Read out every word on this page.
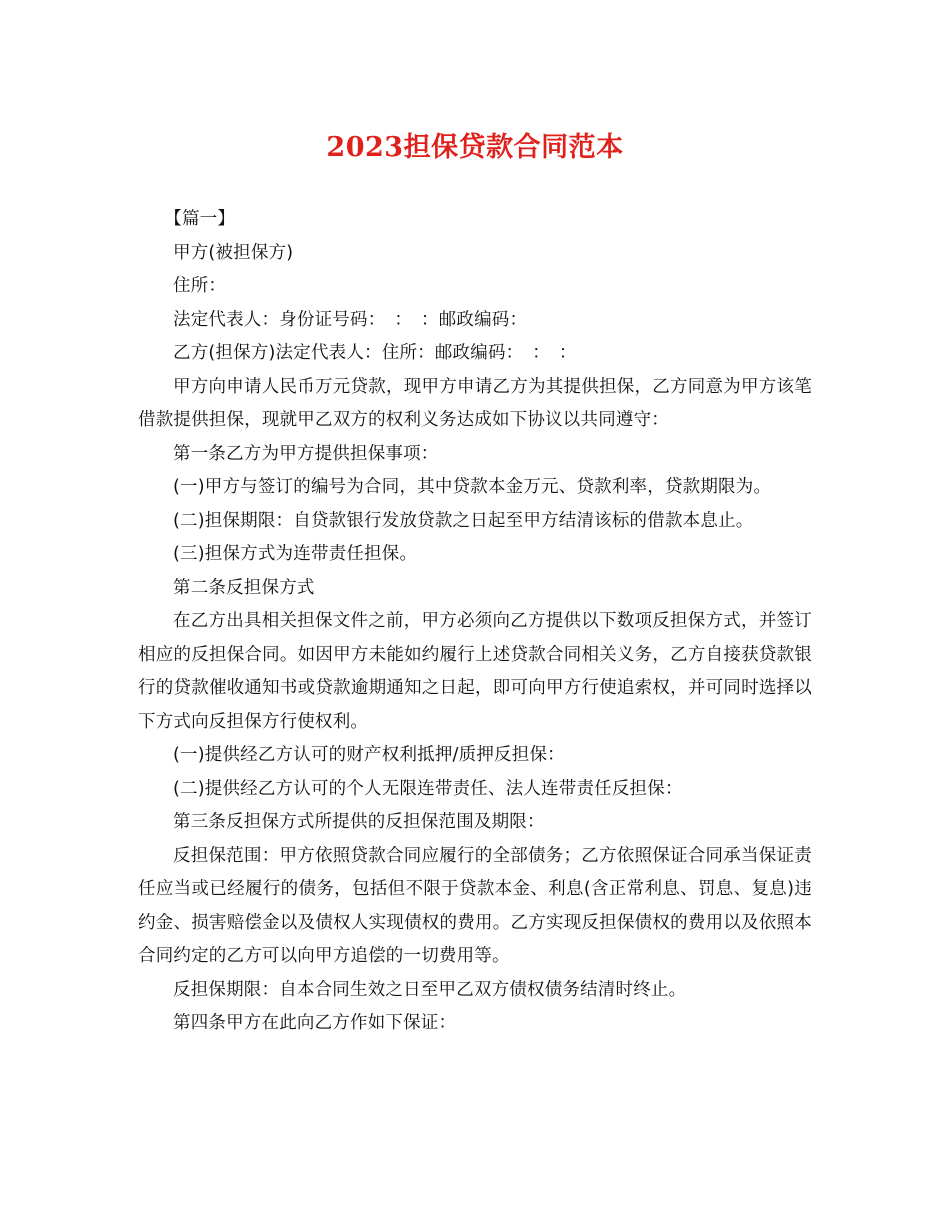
2023担保贷款合同范本

【篇一】

甲方(被担保方)

住所：

法定代表人：身份证号码：　：　：邮政编码：

乙方(担保方)法定代表人：住所：邮政编码：　：　：

甲方向申请人民币万元贷款，现甲方申请乙方为其提供担保，乙方同意为甲方该笔借款提供担保，现就甲乙双方的权利义务达成如下协议以共同遵守：

第一条乙方为甲方提供担保事项：

(一)甲方与签订的编号为合同，其中贷款本金万元、贷款利率，贷款期限为。

(二)担保期限：自贷款银行发放贷款之日起至甲方结清该标的借款本息止。

(三)担保方式为连带责任担保。

第二条反担保方式

在乙方出具相关担保文件之前，甲方必须向乙方提供以下数项反担保方式，并签订相应的反担保合同。如因甲方未能如约履行上述贷款合同相关义务，乙方自接获贷款银行的贷款催收通知书或贷款逾期通知之日起，即可向甲方行使追索权，并可同时选择以下方式向反担保方行使权利。

(一)提供经乙方认可的财产权利抵押/质押反担保：

(二)提供经乙方认可的个人无限连带责任、法人连带责任反担保：

第三条反担保方式所提供的反担保范围及期限：

反担保范围：甲方依照贷款合同应履行的全部债务；乙方依照保证合同承当保证责任应当或已经履行的债务，包括但不限于贷款本金、利息(含正常利息、罚息、复息)违约金、损害赔偿金以及债权人实现债权的费用。乙方实现反担保债权的费用以及依照本合同约定的乙方可以向甲方追偿的一切费用等。

反担保期限：自本合同生效之日至甲乙双方债权债务结清时终止。

第四条甲方在此向乙方作如下保证：
